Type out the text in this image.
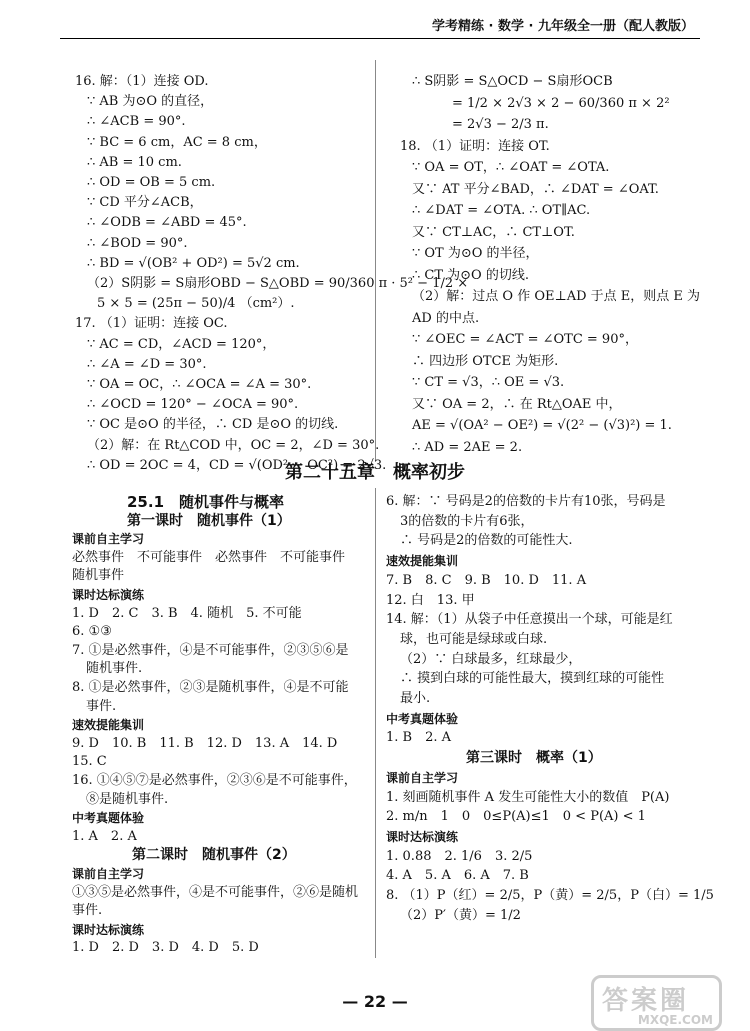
学考精练 · 数学 · 九年级全一册（配人教版）
16. 解：（1）连接 OD.
∵ AB 为⊙O 的直径，
∴ ∠ACB = 90°.
∵ BC = 6 cm，AC = 8 cm，
∴ AB = 10 cm.
∴ OD = OB = 5 cm.
∵ CD 平分∠ACB，
∴ ∠ODB = ∠ABD = 45°.
∴ ∠BOD = 90°.
∴ BD = √(OB² + OD²) = 5√2 cm.
（2）S阴影 = S扇形OBD − S△OBD = 90/360 π · 5² − 1/2 ×
5 × 5 = (25π − 50)/4 （cm²）.
17. （1）证明：连接 OC.
∵ AC = CD，∠ACD = 120°，
∴ ∠A = ∠D = 30°.
∵ OA = OC，∴ ∠OCA = ∠A = 30°.
∴ ∠OCD = 120° − ∠OCA = 90°.
∵ OC 是⊙O 的半径，∴ CD 是⊙O 的切线.
（2）解：在 Rt△COD 中，OC = 2，∠D = 30°.
∴ OD = 2OC = 4，CD = √(OD² − OC²) = 2√3.
∴ S阴影 = S△OCD − S扇形OCB
= 1/2 × 2√3 × 2 − 60/360 π × 2²
= 2√3 − 2/3 π.
18. （1）证明：连接 OT.
∵ OA = OT，∴ ∠OAT = ∠OTA.
又∵ AT 平分∠BAD，∴ ∠DAT = ∠OAT.
∴ ∠DAT = ∠OTA. ∴ OT∥AC.
又∵ CT⊥AC，∴ CT⊥OT.
∵ OT 为⊙O 的半径，
∴ CT 为⊙O 的切线.
（2）解：过点 O 作 OE⊥AD 于点 E，则点 E 为
AD 的中点.
∵ ∠OEC = ∠ACT = ∠OTC = 90°，
∴ 四边形 OTCE 为矩形.
∵ CT = √3，∴ OE = √3.
又∵ OA = 2，∴ 在 Rt△OAE 中，
AE = √(OA² − OE²) = √(2² − (√3)²) = 1.
∴ AD = 2AE = 2.
第二十五章　概率初步
25.1　随机事件与概率
第一课时　随机事件（1）
课前自主学习
必然事件　不可能事件　必然事件　不可能事件
随机事件
课时达标演练
1. D　2. C　3. B　4. 随机　5. 不可能
6. ①③
7. ①是必然事件，④是不可能事件，②③⑤⑥是
随机事件.
8. ①是必然事件，②③是随机事件，④是不可能
事件.
速效提能集训
9. D　10. B　11. B　12. D　13. A　14. D
15. C
16. ①④⑤⑦是必然事件，②③⑥是不可能事件，
⑧是随机事件.
中考真题体验
1. A　2. A
第二课时　随机事件（2）
课前自主学习
①③⑤是必然事件，④是不可能事件，②⑥是随机
事件.
课时达标演练
1. D　2. D　3. D　4. D　5. D
6. 解：∵ 号码是2的倍数的卡片有10张，号码是
3的倍数的卡片有6张，
∴ 号码是2的倍数的可能性大.
速效提能集训
7. B　8. C　9. B　10. D　11. A
12. 白　13. 甲
14. 解：（1）从袋子中任意摸出一个球，可能是红
球，也可能是绿球或白球.
（2）∵ 白球最多，红球最少，
∴ 摸到白球的可能性最大，摸到红球的可能性
最小.
中考真题体验
1. B　2. A
第三课时　概率（1）
课前自主学习
1. 刻画随机事件 A 发生可能性大小的数值　P(A)
2. m/n　1　0　0≤P(A)≤1　0 < P(A) < 1
课时达标演练
1. 0.88　2. 1/6　3. 2/5
4. A　5. A　6. A　7. B
8. （1）P（红）= 2/5，P（黄）= 2/5，P（白）= 1/5
（2）P′（黄）= 1/2
— 22 —	答案圈
MXQE.COM
